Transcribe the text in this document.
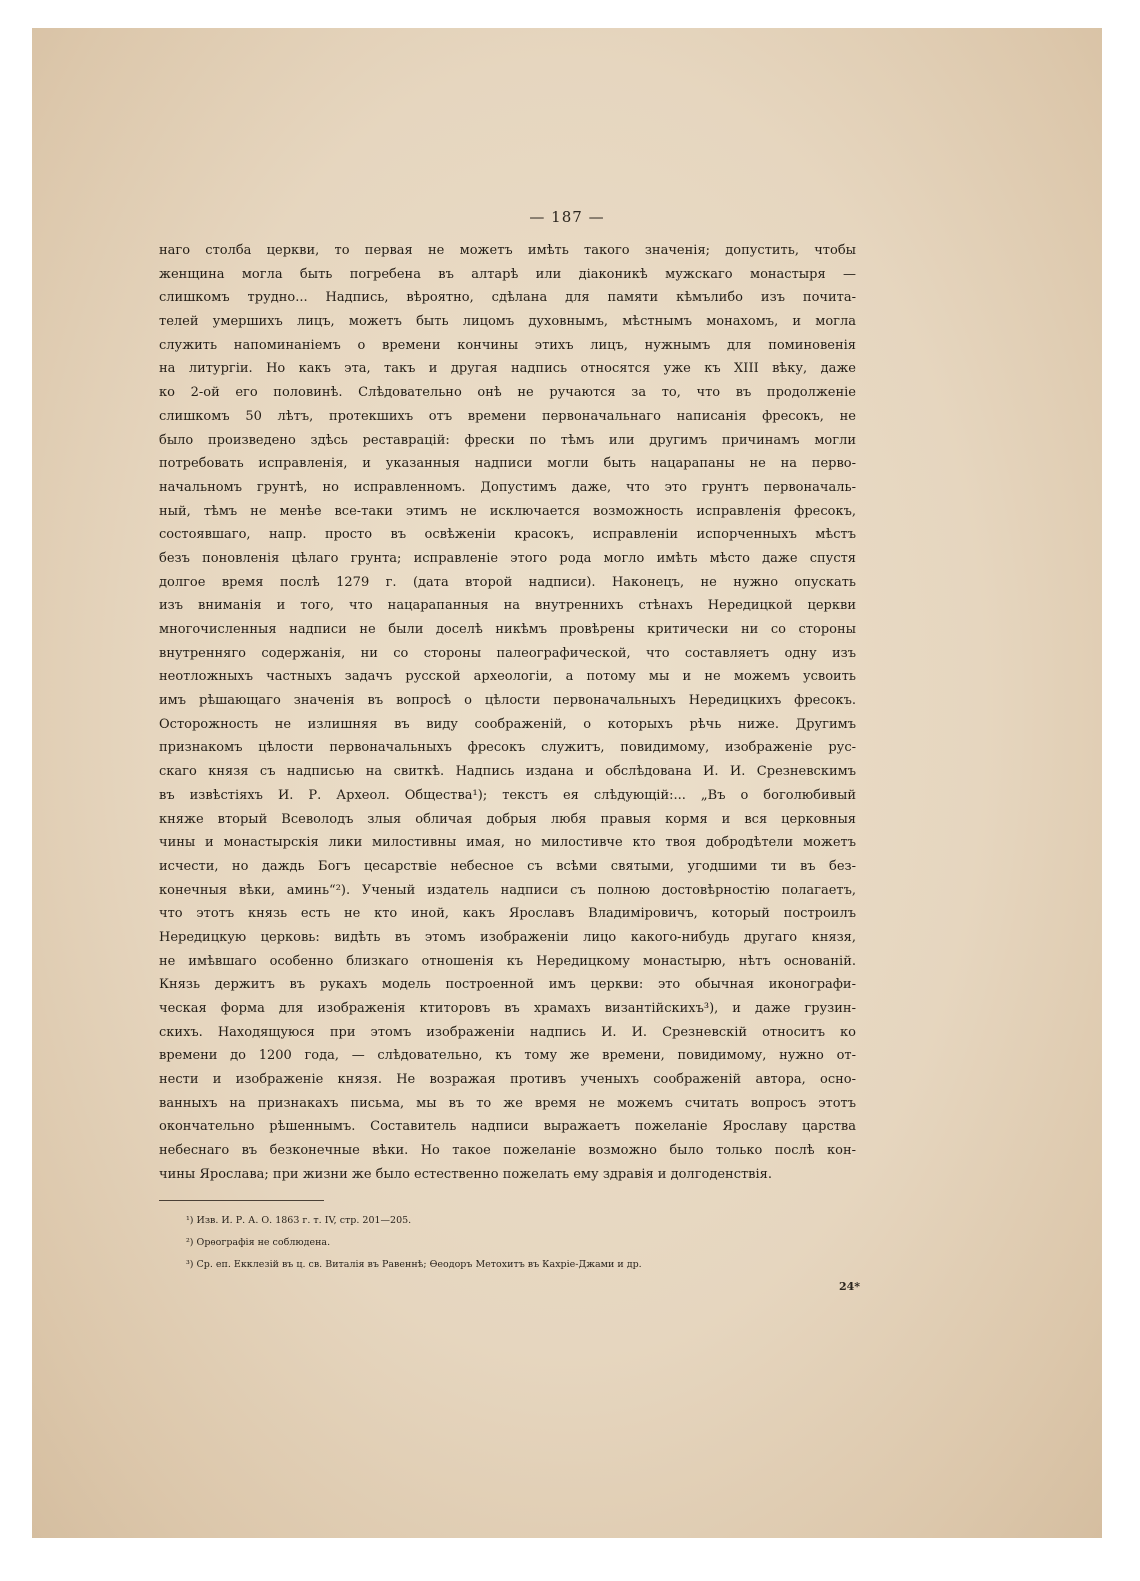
— 187 —
наго столба церкви, то первая не можетъ имѣть такого значенія; допустить, чтобы
женщина могла быть погребена въ алтарѣ или діаконикѣ мужскаго монастыря —
слишкомъ трудно... Надпись, вѣроятно, сдѣлана для памяти кѣмълибо изъ почита-
телей умершихъ лицъ, можетъ быть лицомъ духовнымъ, мѣстнымъ монахомъ, и могла
служить напоминаніемъ о времени кончины этихъ лицъ, нужнымъ для поминовенія
на литургіи. Но какъ эта, такъ и другая надпись относятся уже къ XIII вѣку, даже
ко 2-ой его половинѣ. Слѣдовательно онѣ не ручаются за то, что въ продолженіе
слишкомъ 50 лѣтъ, протекшихъ отъ времени первоначальнаго написанія фресокъ, не
было произведено здѣсь реставрацій: фрески по тѣмъ или другимъ причинамъ могли
потребовать исправленія, и указанныя надписи могли быть нацарапаны не на перво-
начальномъ грунтѣ, но исправленномъ. Допустимъ даже, что это грунтъ первоначаль-
ный, тѣмъ не менѣе все-таки этимъ не исключается возможность исправленія фресокъ,
состоявшаго, напр. просто въ освѣженіи красокъ, исправленіи испорченныхъ мѣстъ
безъ поновленія цѣлаго грунта; исправленіе этого рода могло имѣть мѣсто даже спустя
долгое время послѣ 1279 г. (дата второй надписи). Наконецъ, не нужно опускать
изъ вниманія и того, что нацарапанныя на внутреннихъ стѣнахъ Нередицкой церкви
многочисленныя надписи не были доселѣ никѣмъ провѣрены критически ни со стороны
внутренняго содержанія, ни со стороны палеографической, что составляетъ одну изъ
неотложныхъ частныхъ задачъ русской археологіи, а потому мы и не можемъ усвоить
имъ рѣшающаго значенія въ вопросѣ о цѣлости первоначальныхъ Нередицкихъ фресокъ.
Осторожность не излишняя въ виду соображеній, о которыхъ рѣчь ниже. Другимъ
признакомъ цѣлости первоначальныхъ фресокъ служитъ, повидимому, изображеніе рус-
скаго князя съ надписью на свиткѣ. Надпись издана и обслѣдована И. И. Срезневскимъ
въ извѣстіяхъ И. Р. Археол. Общества¹); текстъ ея слѣдующій:... „Въ о боголюбивый
княже вторый Всеволодъ злыя обличая добрыя любя правыя кормя и вся церковныя
чины и монастырскія лики милостивны имая, но милостивче кто твоя добродѣтели можетъ
исчести, но даждь Богъ цесарствіе небесное съ всѣми святыми, угодшими ти въ без-
конечныя вѣки, аминь“²). Ученый издатель надписи съ полною достовѣрностію полагаетъ,
что этотъ князь есть не кто иной, какъ Ярославъ Владиміровичъ, который построилъ
Нередицкую церковь: видѣть въ этомъ изображеніи лицо какого-нибудь другаго князя,
не имѣвшаго особенно близкаго отношенія къ Нередицкому монастырю, нѣтъ основаній.
Князь держитъ въ рукахъ модель построенной имъ церкви: это обычная иконографи-
ческая форма для изображенія ктиторовъ въ храмахъ византійскихъ³), и даже грузин-
скихъ. Находящуюся при этомъ изображеніи надпись И. И. Срезневскій относитъ ко
времени до 1200 года, — слѣдовательно, къ тому же времени, повидимому, нужно от-
нести и изображеніе князя. Не возражая противъ ученыхъ соображеній автора, осно-
ванныхъ на признакахъ письма, мы въ то же время не можемъ считать вопросъ этотъ
окончательно рѣшеннымъ. Составитель надписи выражаетъ пожеланіе Ярославу царства
небеснаго въ безконечные вѣки. Но такое пожеланіе возможно было только послѣ кон-
чины Ярослава; при жизни же было естественно пожелать ему здравія и долгоденствія.
¹) Изв. И. Р. А. О. 1863 г. т. IV, стр. 201—205.
²) Орѳографія не соблюдена.
³) Ср. еп. Екклезій въ ц. св. Виталія въ Равеннѣ; Ѳеодоръ Метохитъ въ Кахріе-Джами и др.
24*
